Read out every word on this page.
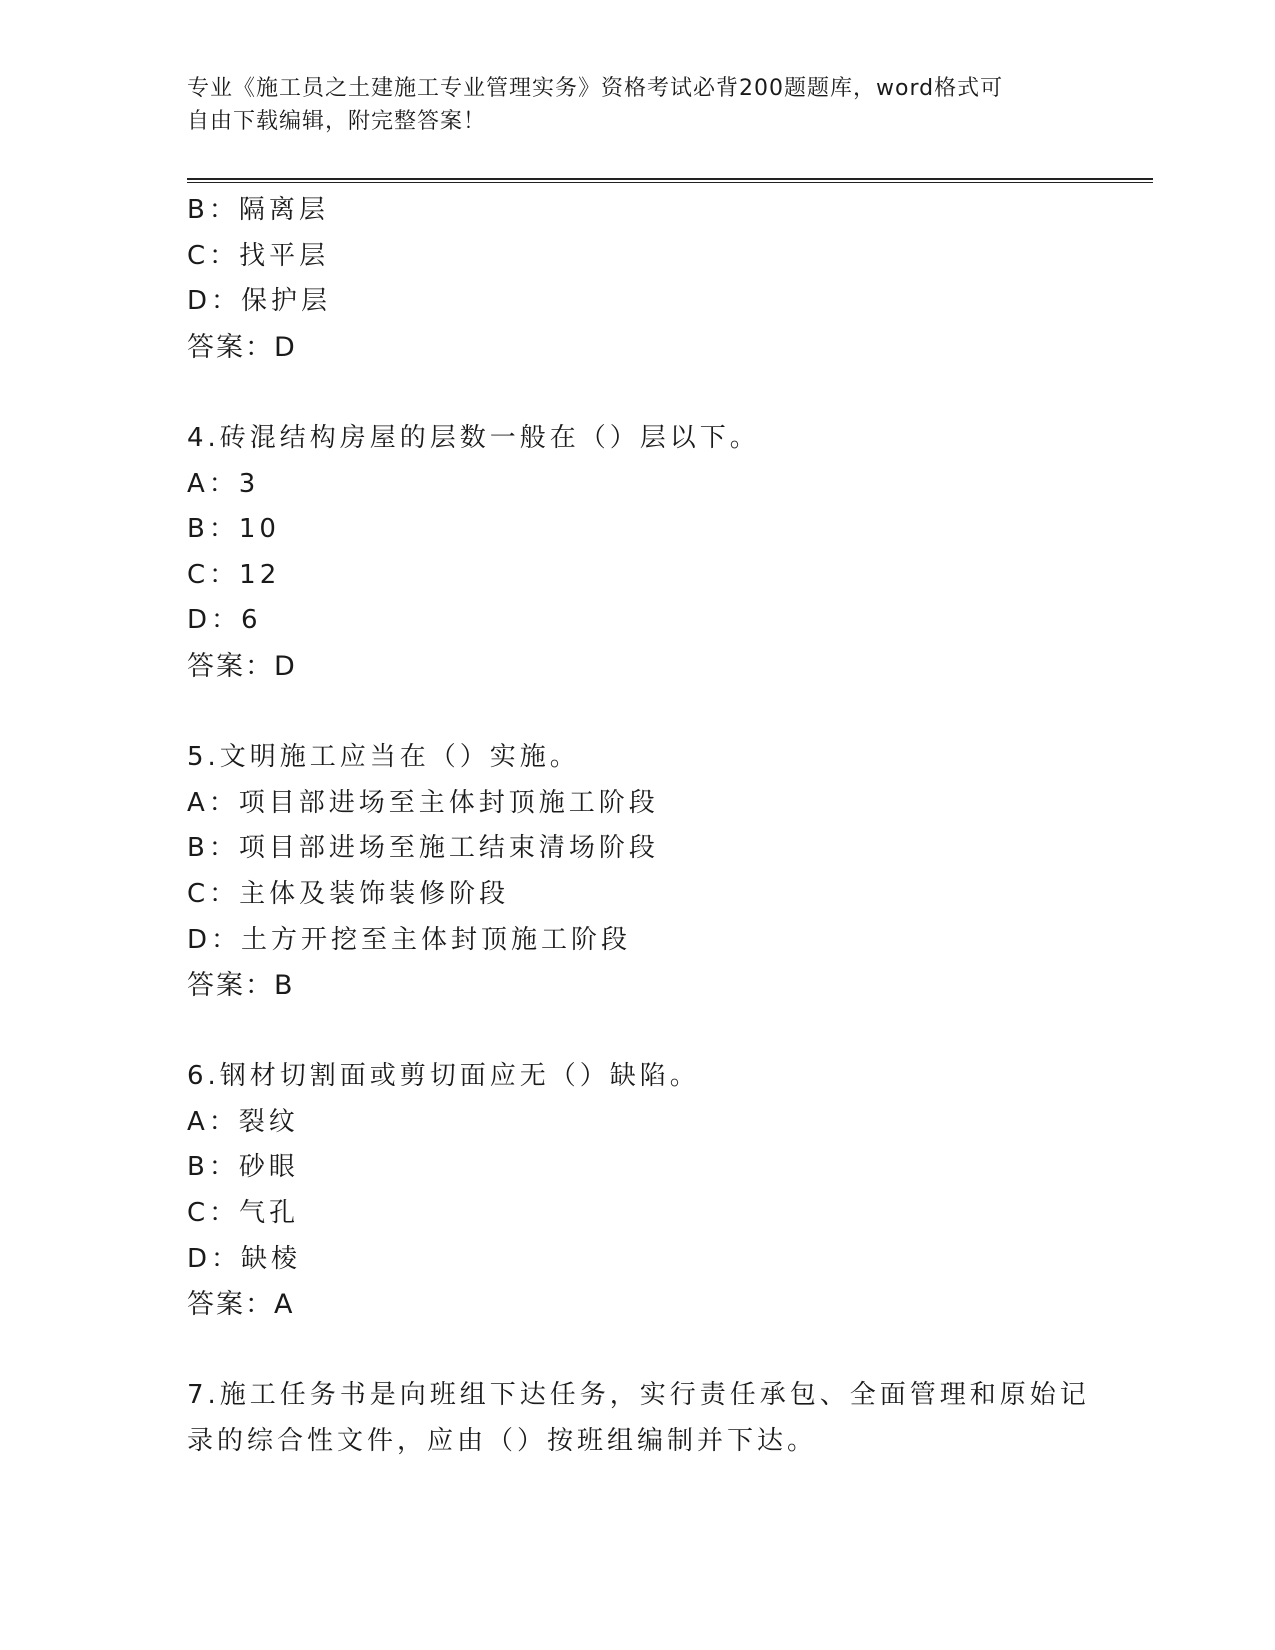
专业《施工员之土建施工专业管理实务》资格考试必背200题题库，word格式可
自由下载编辑，附完整答案！
B：隔离层
C：找平层
D：保护层
答案：D
4.砖混结构房屋的层数一般在（）层以下。
A：3
B：10
C：12
D：6
答案：D
5.文明施工应当在（）实施。
A：项目部进场至主体封顶施工阶段
B：项目部进场至施工结束清场阶段
C：主体及装饰装修阶段
D：土方开挖至主体封顶施工阶段
答案：B
6.钢材切割面或剪切面应无（）缺陷。
A：裂纹
B：砂眼
C：气孔
D：缺棱
答案：A
7.施工任务书是向班组下达任务，实行责任承包、全面管理和原始记
录的综合性文件，应由（）按班组编制并下达。
